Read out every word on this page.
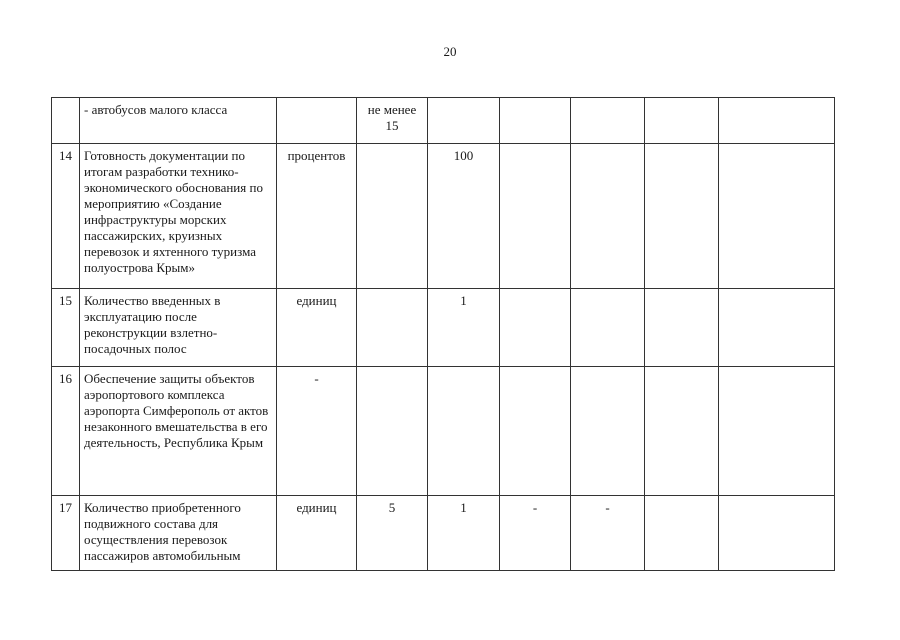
20
	- автобусов малого класса		не менее 15					
14	Готовность документации по итогам разработки технико-экономического обоснования по мероприятию «Создание инфраструктуры морских пассажирских, круизных перевозок и яхтенного туризма полуострова Крым»	процентов		100				
15	Количество введенных в эксплуатацию после реконструкции взлетно-посадочных полос	единиц		1				
16	Обеспечение защиты объектов аэропортового комплекса аэропорта Симферополь от актов незаконного вмешательства в его деятельность, Республика Крым	-						
17	Количество приобретенного подвижного состава для осуществления перевозок пассажиров автомобильным	единиц	5	1	-	-		
